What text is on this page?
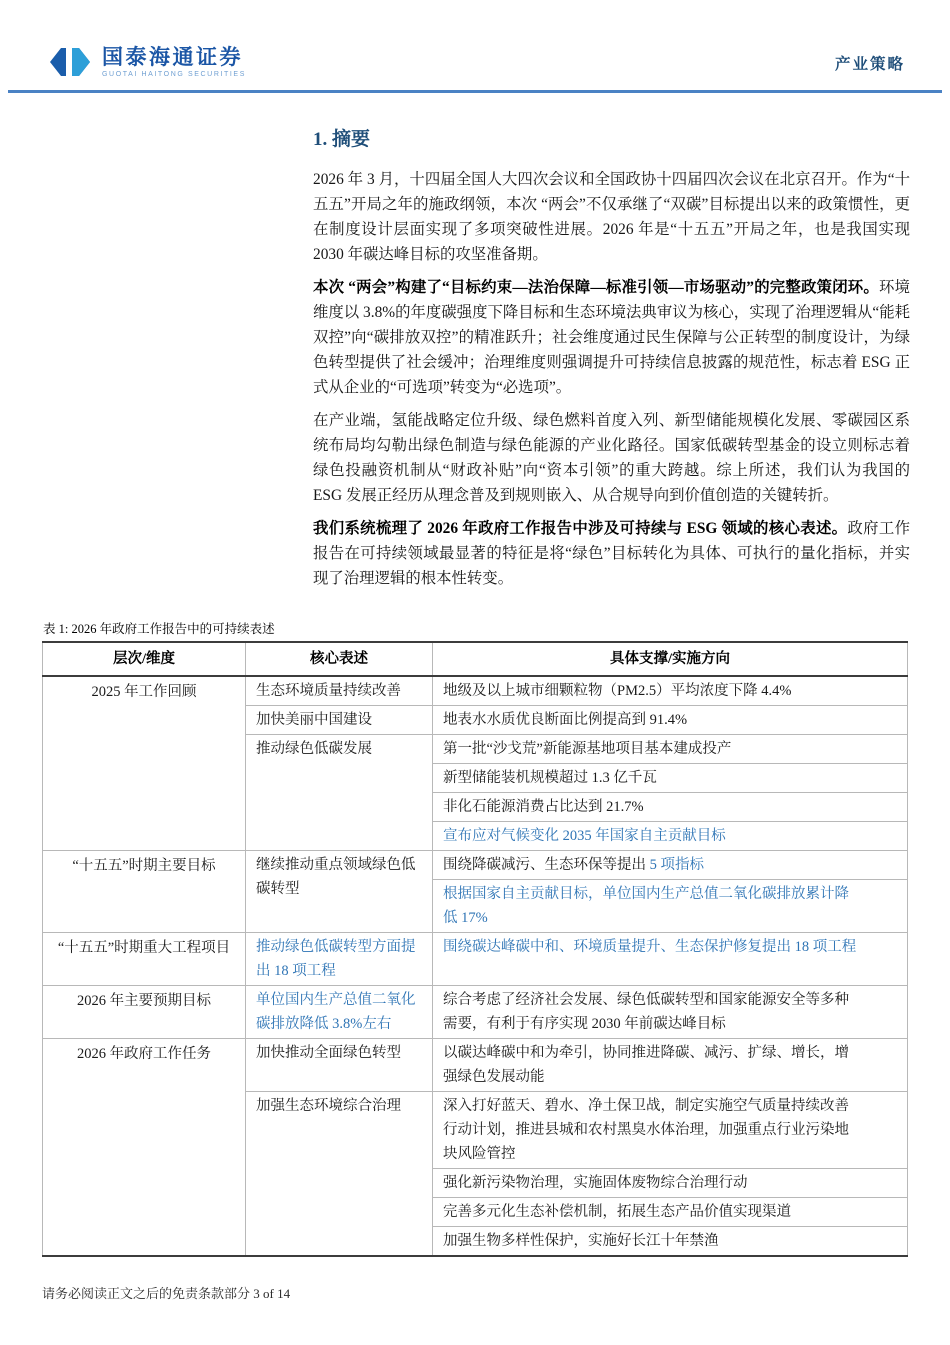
国泰海通证券
GUOTAI HAITONG SECURITIES
产业策略
1. 摘要

2026 年 3 月，十四届全国人大四次会议和全国政协十四届四次会议在北京召开。作为“十五五”开局之年的施政纲领，本次 “两会”不仅承继了“双碳”目标提出以来的政策惯性，更在制度设计层面实现了多项突破性进展。2026 年是“十五五”开局之年，也是我国实现 2030 年碳达峰目标的攻坚准备期。

本次 “两会”构建了“目标约束—法治保障—标准引领—市场驱动”的完整政策闭环。环境维度以 3.8%的年度碳强度下降目标和生态环境法典审议为核心，实现了治理逻辑从“能耗双控”向“碳排放双控”的精准跃升；社会维度通过民生保障与公正转型的制度设计，为绿色转型提供了社会缓冲；治理维度则强调提升可持续信息披露的规范性，标志着 ESG 正式从企业的“可选项”转变为“必选项”。

在产业端，氢能战略定位升级、绿色燃料首度入列、新型储能规模化发展、零碳园区系统布局均勾勒出绿色制造与绿色能源的产业化路径。国家低碳转型基金的设立则标志着绿色投融资机制从“财政补贴”向“资本引领”的重大跨越。综上所述，我们认为我国的 ESG 发展正经历从理念普及到规则嵌入、从合规导向到价值创造的关键转折。

我们系统梳理了 2026 年政府工作报告中涉及可持续与 ESG 领域的核心表述。政府工作报告在可持续领域最显著的特征是将“绿色”目标转化为具体、可执行的量化指标，并实现了治理逻辑的根本性转变。

表 1: 2026 年政府工作报告中的可持续表述
层次/维度	核心表述	具体支撑/实施方向
2025 年工作回顾	生态环境质量持续改善	地级及以上城市细颗粒物（PM2.5）平均浓度下降 4.4%
	加快美丽中国建设	地表水水质优良断面比例提高到 91.4%
	推动绿色低碳发展	第一批“沙戈荒”新能源基地项目基本建成投产
		新型储能装机规模超过 1.3 亿千瓦
		非化石能源消费占比达到 21.7%
		宣布应对气候变化 2035 年国家自主贡献目标
“十五五”时期主要目标	继续推动重点领域绿色低碳转型	围绕降碳减污、生态环保等提出 5 项指标
		根据国家自主贡献目标，单位国内生产总值二氧化碳排放累计降低 17%
“十五五”时期重大工程项目	推动绿色低碳转型方面提出 18 项工程	围绕碳达峰碳中和、环境质量提升、生态保护修复提出 18 项工程
2026 年主要预期目标	单位国内生产总值二氧化碳排放降低 3.8%左右	综合考虑了经济社会发展、绿色低碳转型和国家能源安全等多种需要，有利于有序实现 2030 年前碳达峰目标
2026 年政府工作任务	加快推动全面绿色转型	以碳达峰碳中和为牵引，协同推进降碳、减污、扩绿、增长，增强绿色发展动能
	加强生态环境综合治理	深入打好蓝天、碧水、净土保卫战，制定实施空气质量持续改善行动计划，推进县城和农村黑臭水体治理，加强重点行业污染地块风险管控
		强化新污染物治理，实施固体废物综合治理行动
		完善多元化生态补偿机制，拓展生态产品价值实现渠道
		加强生物多样性保护，实施好长江十年禁渔
请务必阅读正文之后的免责条款部分 3 of 14
